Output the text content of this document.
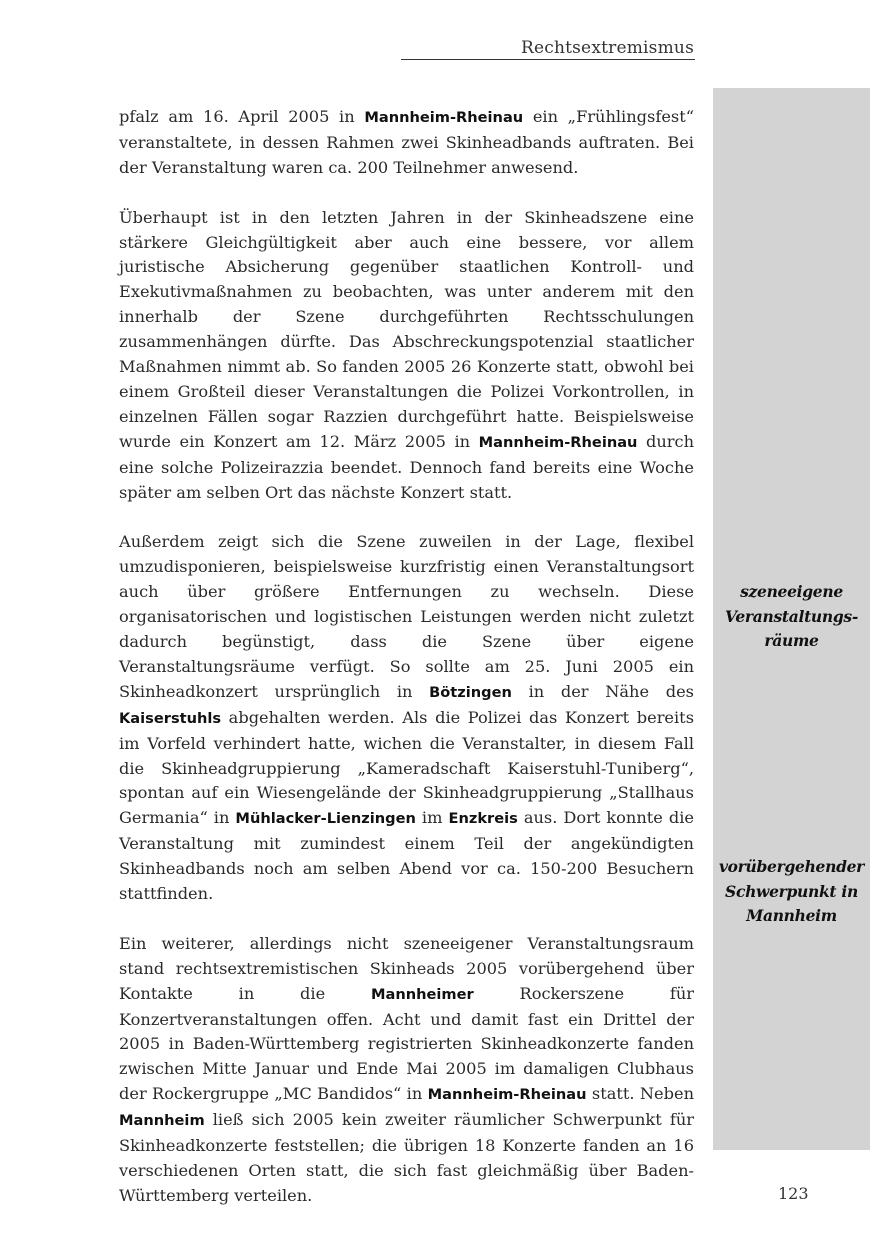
Rechtsextremismus
szeneeigene
Veranstaltungs-
räume
vorübergehender
Schwerpunkt in
Mannheim

pfalz am 16. April 2005 in Mannheim-Rheinau ein „Frühlingsfest“ veranstaltete, in dessen Rahmen zwei Skinheadbands auftraten. Bei der Veranstaltung waren ca. 200 Teilnehmer anwesend.

Überhaupt ist in den letzten Jahren in der Skinheadszene eine stärkere Gleichgültigkeit aber auch eine bessere, vor allem juristische Absicherung gegenüber staatlichen Kontroll- und Exekutivmaßnahmen zu beobachten, was unter anderem mit den innerhalb der Szene durchgeführten Rechtsschulungen zusammenhängen dürfte. Das Abschreckungspotenzial staatlicher Maßnahmen nimmt ab. So fanden 2005 26 Konzerte statt, obwohl bei einem Großteil dieser Veranstaltungen die Polizei Vorkontrollen, in einzelnen Fällen sogar Razzien durchgeführt hatte. Beispielsweise wurde ein Konzert am 12. März 2005 in Mannheim-Rheinau durch eine solche Polizeirazzia beendet. Dennoch fand bereits eine Woche später am selben Ort das nächste Konzert statt.

Außerdem zeigt sich die Szene zuweilen in der Lage, flexibel umzudisponieren, beispielsweise kurzfristig einen Veranstaltungsort auch über größere Entfernungen zu wechseln. Diese organisatorischen und logistischen Leistungen werden nicht zuletzt dadurch begünstigt, dass die Szene über eigene Veranstaltungsräume verfügt. So sollte am 25. Juni 2005 ein Skinheadkonzert ursprünglich in Bötzingen in der Nähe des Kaiserstuhls abgehalten werden. Als die Polizei das Konzert bereits im Vorfeld verhindert hatte, wichen die Veranstalter, in diesem Fall die Skinheadgruppierung „Kameradschaft Kaiserstuhl-Tuniberg“, spontan auf ein Wiesengelände der Skinheadgruppierung „Stallhaus Germania“ in Mühlacker-Lienzingen im Enzkreis aus. Dort konnte die Veranstaltung mit zumindest einem Teil der angekündigten Skinheadbands noch am selben Abend vor ca. 150-200 Besuchern stattfinden.

Ein weiterer, allerdings nicht szeneeigener Veranstaltungsraum stand rechtsextremistischen Skinheads 2005 vorübergehend über Kontakte in die Mannheimer Rockerszene für Konzertveranstaltungen offen. Acht und damit fast ein Drittel der 2005 in Baden-Württemberg registrierten Skinheadkonzerte fanden zwischen Mitte Januar und Ende Mai 2005 im damaligen Clubhaus der Rockergruppe „MC Bandidos“ in Mannheim-Rheinau statt. Neben Mannheim ließ sich 2005 kein zweiter räumlicher Schwerpunkt für Skinheadkonzerte feststellen; die übrigen 18 Konzerte fanden an 16 verschiedenen Orten statt, die sich fast gleichmäßig über Baden-Württemberg verteilen.	123
